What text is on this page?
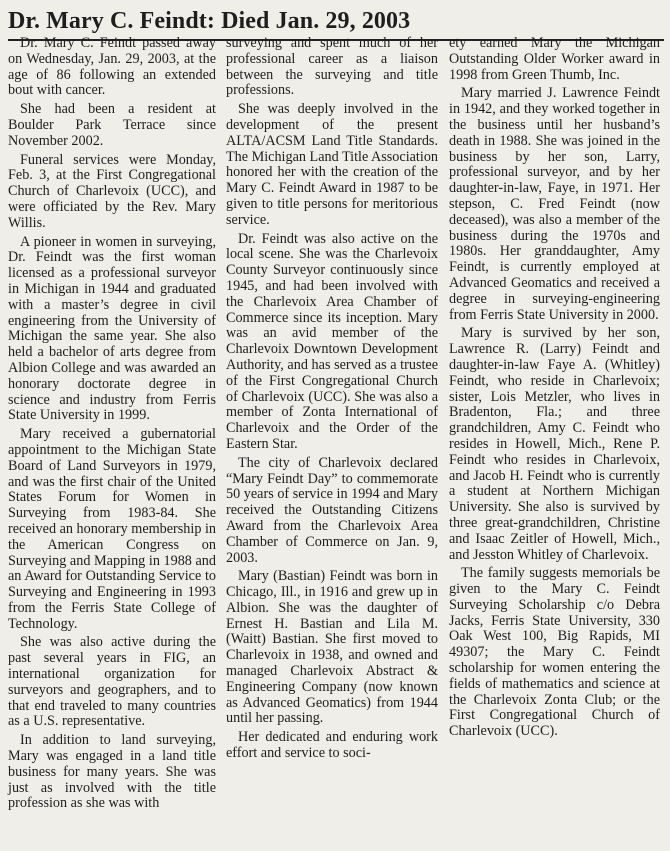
Dr. Mary C. Feindt: Died Jan. 29, 2003

Dr. Mary C. Feindt passed away on Wednesday, Jan. 29, 2003, at the age of 86 following an extended bout with cancer.

She had been a resident at Boulder Park Terrace since November 2002.

Funeral services were Monday, Feb. 3, at the First Congregational Church of Charlevoix (UCC), and were officiated by the Rev. Mary Willis.

A pioneer in women in surveying, Dr. Feindt was the first woman licensed as a professional surveyor in Michigan in 1944 and graduated with a master’s degree in civil engineering from the University of Michigan the same year. She also held a bachelor of arts degree from Albion College and was awarded an honorary doctorate degree in science and industry from Ferris State University in 1999.

Mary received a gubernatorial appointment to the Michigan State Board of Land Surveyors in 1979, and was the first chair of the United States Forum for Women in Surveying from 1983-84. She received an honorary membership in the American Congress on Surveying and Mapping in 1988 and an Award for Outstanding Service to Surveying and Engineering in 1993 from the Ferris State College of Technology.

She was also active during the past several years in FIG, an international organization for surveyors and geographers, and to that end traveled to many countries as a U.S. representative.

In addition to land surveying, Mary was engaged in a land title business for many years. She was just as involved with the title profession as she was with

surveying and spent much of her professional career as a liaison between the surveying and title professions.

She was deeply involved in the development of the present ALTA/ACSM Land Title Standards. The Michigan Land Title Association honored her with the creation of the Mary C. Feindt Award in 1987 to be given to title persons for meritorious service.

Dr. Feindt was also active on the local scene. She was the Charlevoix County Surveyor continuously since 1945, and had been involved with the Charlevoix Area Chamber of Commerce since its inception. Mary was an avid member of the Charlevoix Downtown Development Authority, and has served as a trustee of the First Congregational Church of Charlevoix (UCC). She was also a member of Zonta International of Charlevoix and the Order of the Eastern Star.

The city of Charlevoix declared “Mary Feindt Day” to commemorate 50 years of service in 1994 and Mary received the Outstanding Citizens Award from the Charlevoix Area Chamber of Commerce on Jan. 9, 2003.

Mary (Bastian) Feindt was born in Chicago, Ill., in 1916 and grew up in Albion. She was the daughter of Ernest H. Bastian and Lila M. (Waitt) Bastian. She first moved to Charlevoix in 1938, and owned and managed Charlevoix Abstract & Engineering Company (now known as Advanced Geomatics) from 1944 until her passing.

Her dedicated and enduring work effort and service to soci-

ety earned Mary the Michigan Outstanding Older Worker award in 1998 from Green Thumb, Inc.

Mary married J. Lawrence Feindt in 1942, and they worked together in the business until her husband’s death in 1988. She was joined in the business by her son, Larry, professional surveyor, and by her daughter-in-law, Faye, in 1971. Her stepson, C. Fred Feindt (now deceased), was also a member of the business during the 1970s and 1980s. Her granddaughter, Amy Feindt, is currently employed at Advanced Geomatics and received a degree in surveying-engineering from Ferris State University in 2000.

Mary is survived by her son, Lawrence R. (Larry) Feindt and daughter-in-law Faye A. (Whitley) Feindt, who reside in Charlevoix; sister, Lois Metzler, who lives in Bradenton, Fla.; and three grandchildren, Amy C. Feindt who resides in Howell, Mich., Rene P. Feindt who resides in Charlevoix, and Jacob H. Feindt who is currently a student at Northern Michigan University. She also is survived by three great-grandchildren, Christine and Isaac Zeitler of Howell, Mich., and Jesston Whitley of Charlevoix.

The family suggests memorials be given to the Mary C. Feindt Surveying Scholarship c/o Debra Jacks, Ferris State University, 330 Oak West 100, Big Rapids, MI 49307; the Mary C. Feindt scholarship for women entering the fields of mathematics and science at the Charlevoix Zonta Club; or the First Congregational Church of Charlevoix (UCC).
